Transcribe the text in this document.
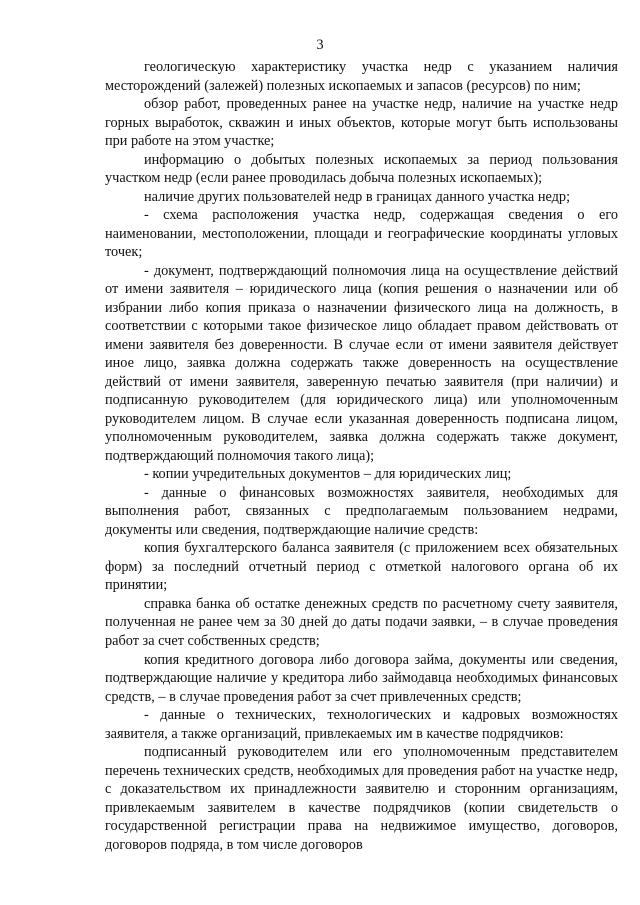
3

геологическую характеристику участка недр с указанием наличия месторождений (залежей) полезных ископаемых и запасов (ресурсов) по ним;

обзор работ, проведенных ранее на участке недр, наличие на участке недр горных выработок, скважин и иных объектов, которые могут быть использованы при работе на этом участке;

информацию о добытых полезных ископаемых за период пользования участком недр (если ранее проводилась добыча полезных ископаемых);

наличие других пользователей недр в границах данного участка недр;

- схема расположения участка недр, содержащая сведения о его наименовании, местоположении, площади и географические координаты угловых точек;

- документ, подтверждающий полномочия лица на осуществление действий от имени заявителя – юридического лица (копия решения о назначении или об избрании либо копия приказа о назначении физического лица на должность, в соответствии с которыми такое физическое лицо обладает правом действовать от имени заявителя без доверенности. В случае если от имени заявителя действует иное лицо, заявка должна содержать также доверенность на осуществление действий от имени заявителя, заверенную печатью заявителя (при наличии) и подписанную руководителем (для юридического лица) или уполномоченным руководителем лицом. В случае если указанная доверенность подписана лицом, уполномоченным руководителем, заявка должна содержать также документ, подтверждающий полномочия такого лица);

- копии учредительных документов – для юридических лиц;

- данные о финансовых возможностях заявителя, необходимых для выполнения работ, связанных с предполагаемым пользованием недрами, документы или сведения, подтверждающие наличие средств:

копия бухгалтерского баланса заявителя (с приложением всех обязательных форм) за последний отчетный период с отметкой налогового органа об их принятии;

справка банка об остатке денежных средств по расчетному счету заявителя, полученная не ранее чем за 30 дней до даты подачи заявки, – в случае проведения работ за счет собственных средств;

копия кредитного договора либо договора займа, документы или сведения, подтверждающие наличие у кредитора либо займодавца необходимых финансовых средств, – в случае проведения работ за счет привлеченных средств;

- данные о технических, технологических и кадровых возможностях заявителя, а также организаций, привлекаемых им в качестве подрядчиков:

подписанный руководителем или его уполномоченным представителем перечень технических средств, необходимых для проведения работ на участке недр, с доказательством их принадлежности заявителю и сторонним организациям, привлекаемым заявителем в качестве подрядчиков (копии свидетельств о государственной регистрации права на недвижимое имущество, договоров, договоров подряда, в том числе договоров
